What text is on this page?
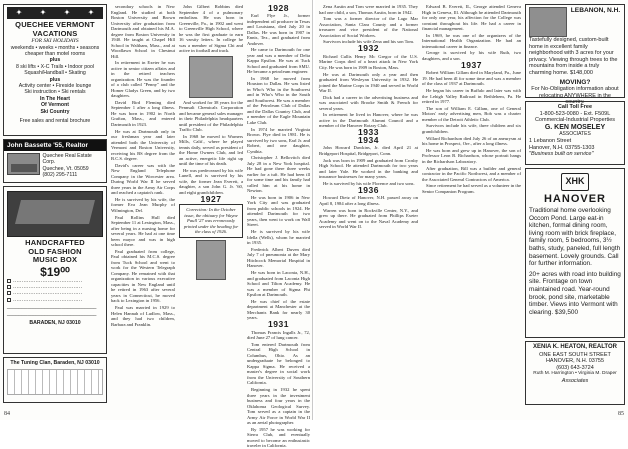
✦	✦	✦	✦
QUECHEE VERMONT VACATIONS
FOR SKI HOLIDAYS
weekends • weeks • months • seasons
cheaper than motel rooms
plus
8 ski lifts • X-C Trails • Indoor pool
Squash/Handball • Skating
plus
Activity center • Fireside lounge
Ski instruction • Ski rentals
In The Heart
Of Vermont
Ski Country
Free sales and rental brochure
John Bassette '55, Realtor
Quechee Real Estate Corp.
Quechee, Vt. 05059
(802) 295-7111
HANDCRAFTED
OLD FASHION
MUSIC BOX
$19⁰⁰
········································
········································
········································
········································
_______________________________
_______________________________
BARADEN, NJ 03010
The Tuning Clan, Baraden, NJ 03010

secondary schools in New England. He studied at both Boston University and Brown University after graduation from Dartmouth and obtained his M.A. degree from Boston University in 1940. He taught at Chapel Hill School in Waltham, Mass., and at Woodlawn School in Chestnut Hill.

In retirement in Exeter he was active in senior citizen affairs and in the retired teachers organization. He was the founder of a club called "Penny" and the Homer Gladys Green, and by two daughters.

David Bird Fleming died September 1 after a long illness. He was born in 1902 in North Grafton, Mass., and entered Dartmouth in 1923.

He was at Dartmouth only in our freshman year and later attended both the University of Vermont and Boston University, receiving his BS degree from the B.C.S. degree.

David's career was with the New England Telephone Company in the Worcester area. During World War II he served three years in the Army Air Corps and reached a captain's rank.

He is survived by his wife, the former Eva Jean Murphy of Wilmington, Del.

Paul Rollins Hull died September 11 at Lexington, Mass., after being in a nursing home for several years. He had at one time been mayor and was in high school there.

Paul graduated from college, Paul obtained his M.C.S. degree from Tuck School and went to work for the Western Telegraph Company. He remained with that organization in various executive capacities in New England until he retired in 1963 after several years in Connecticut, he moved back to Lexington in 1956.

Paul was married in 1929 to Helen Hannah of Ludlow, Mass., and they had two children, Barbara and Franklin.

John Gilbert Robbins died September 4 of a pulmonary embolism. He was born in Greenville, Pa., in 1902 and went to Greenville High School, where he was the first graduate to earn 16 varsity letters. In college he was a member of Sigma Chi and active in football and track.

And worked for 38 years for the Pennsalt Chemicals Corporation and became general sales manager in their Philadelphia headquarters until president of the Philadelphia Traffic Club.

In 1968 he moved to Warners Mills, Calif., where he played tennis daily, served as president of the Home Owners Club, and led an active, energetic life right up until the time of his death.

He was predeceased by his wife Lunell, and is survived by his wife, the former Jean Everett, a daughter, a son John G. Jr. '60, and eight grandchildren.

1927
Correction: In the October issue, the obituary for Wayne Paull '27 was erroneously printed under the heading for the class of 1926.
1928

Earl Flye Jr., former independent oil producer in Texas and Louisiana, died July 20 in Dallas. He was born in 1907 in Ennis, Tex., and graduated from Andover.

He came to Dartmouth for one year and was a member of Delta Kappa Epsilon. He was at Tuck School and graduated from SMU. He became a petroleum engineer.

In 1968 he moved from Houston to Dallas. He was listed in Who's Who in the Southwest and in Who's Who in the South and Southwest. He was a member of the Petroleum Club of Dallas and the Dallas Country Club, and a member of the Eagle Mountain Lake Club.

In 1974 he married Virginia Brown. Flye died in 1981. He is survived by two sons, Earl Jr. and Robert, and one daughter, Cynthia.

Christopher J. Bellovitch died July 28 in a New York hospital. He had gone there three weeks earlier for a tuft. He had been ill for some time and his family had called him at his home in Newton.

He was born in 1906 in New York City and was graduated from public schools in 1924. He attended Dartmouth for two years, then went to work on Wall Street.

He is survived by his wife Idella (Wells), whom he married in 1935.

Frederick Albert Duven died July 7 of pneumonia at the Mary Hitchcock Memorial Hospital in Hanover.

He was born in Laconia, N.H., and graduated from Laconia High School and Tilton Academy. He was a member of Sigma Phi Epsilon at Dartmouth.

He was chief of the estate department at Manchester at the Merchants Bank for nearly 30 years.

1931

Thomas Francis Ingalls Jr., 72, died June 27 of lung cancer.

Tom entered Dartmouth from Central High School in Columbus, Ohio. As an undergraduate he belonged to Kappa Sigma. He received a master's degree in social work from the University of Southern California.

Beginning in 1932 he spent three years in the investment business and four years in the Oklahoma Geological Survey. Tom served as a captain in the Army Air Force in World War II as an aerial photographer.

By 1957 he was working for Sierra Club, and eventually moved to become an enthusiastic traveler in California.

84

Zena Austin and Tom were married in 1935. They had one child, a son, Thomas Austin, born in 1942.

Tom was a former director of the Lago Mar Association, Santa Clara County and a former treasurer and vice president of the National Association of Social Workers.

Survivors include his wife Zena and his son Tom.

1932

Richard Cullis Henry Mc Gregor of the U.S. Marine Corps died of a heart attack in New York City. He was born in 1909 in Boston, Mass.

He was at Dartmouth only a year and then graduated from Wesleyan University in 1932. He joined the Marine Corps in 1940 and served in World War II.

Dick had a career in the advertising business and was associated with Brooke Smith & French for several years.

In retirement he lived in Hanover, where he was active in the Dartmouth Alumni Council and a member of the Hanover Rotary Club.

1933
1934

John Howard Dawkins, Jr. died April 21 at Bridgeport Hospital, Bridgeport, Conn.

Jack was born in 1909 and graduated from Crosby High School. He attended Dartmouth for two years and later Yale. He worked in the banking and insurance businesses for many years.

He is survived by his wife Florence and two sons.

1936

Howard Dietz of Hanover, N.H. passed away on April 8, 1984 after a long illness.

Warren was born in Rockville Center, N.Y., and grew up there. He graduated from Phillips Exeter Academy and went on to the Naval Academy and served in World War II.

Edward B. Everett, IL, George attended Geneva High in Geneva, Ill. Although he attended Dartmouth for only one year, his affection for the College was constant throughout his life. He had a career in financial management.

In 1969, he was one of the organizers of the International Health Organization. He had an international career in finance.

George is survived by his wife Ruth, two daughters, and a son.

1937

Robert William Gillam died in Maryland, Pa., June 19. He had been ill for some time and was a member of the class of 1937 at Dartmouth.

He began his career in Buffalo and later was with the Lehigh Valley Railroad in Bethlehem, Pa. He retired in 1977.

The son of William E. Gillam, one of General Motors' early advertising men, Bob was a charter member of the Detroit Athletic Club.

Survivors include his wife, three children and six grandchildren.

Willard Richardson died July 26 of an aneurysm at his home in Prospect, Ore., after a long illness.

He was born and grew up in Hanover, the son of Professor Leon B. Richardson, whose portrait hangs in the Richardson Laboratory.

After graduation, Bill was a builder and general contractor in the Pacific Northwest, and a member of the Associated General Contractors of America.

Since retirement he had served as a volunteer in the Senior Companion Program.

LEBANON, N.H.
Tastefully designed, custom-built home in excellent family neighborhood with 3 acres for your privacy. Viewing through trees to the mountains from inside a truly charming home. $148,000
MOVING?
For No-Obligation information about relocating ANYWHERE in the country.
Call Toll Free
1-800-523-0080 - Ext. F509L
Commercial-Industrial Properties
G. KEN MOSELEY
ASSOCIATES
1 Lebanon Street
Hanover, N.H. 03755-1303
"Business built on service"
XHK
HANOVER
Traditional home overlooking Occom Pond. Large eat-in kitchen, formal dining room, living room with brick fireplace, family room, 5 bedrooms, 3½ baths, study, paneled, full length basement. Lovely grounds. Call for further information.
20+ acres with road into building site. Frontage on town maintained road. Year-round brook, pond site, marketable timber. Views into Vermont with clearing. $39,500
XENIA K. HEATON, REALTOR
ONE EAST SOUTH STREET
HANOVER, N.H. 03755
(603) 643-3724
Ruth M. Harrington • Virginia M. Draper
Associates
85
